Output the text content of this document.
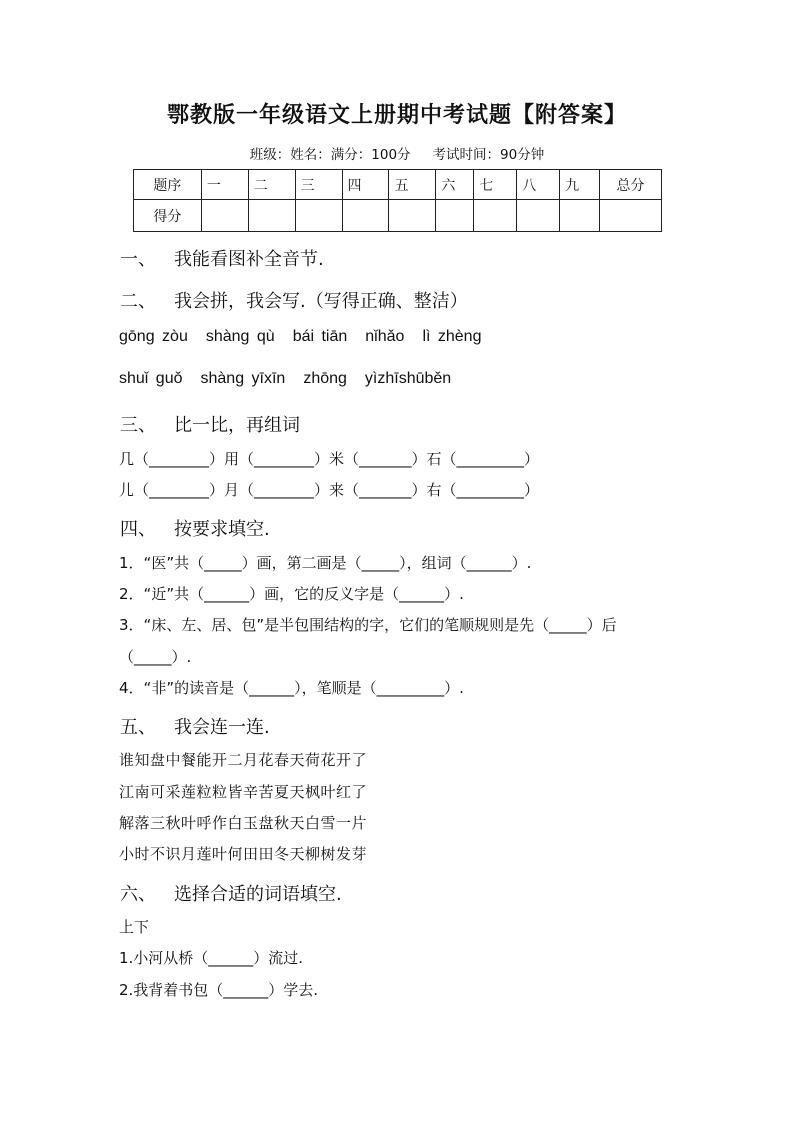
鄂教版一年级语文上册期中考试题【附答案】
班级：姓名：满分：100分 考试时间：90分钟
题序	一	二	三	四	五	六	七	八	九	总分
得分										
一、 我能看图补全音节.
二、 我会拼，我会写.（写得正确、整洁）
gōng zòu shàng qù bái tiān nǐhǎo lì zhèng
shuǐ guǒ shàng yīxīn zhōng yìzhīshūběn
三、 比一比，再组词
几（________）用（________）米（_______）石（_________）
儿（________）月（________）来（_______）右（_________）
四、 按要求填空.
1．“医”共（_____）画，第二画是（_____），组词（______）.
2．“近”共（______）画，它的反义字是（______）.
3．“床、左、居、包”是半包围结构的字，它们的笔顺规则是先（_____）后
（_____）.
4．“非”的读音是（______），笔顺是（_________）.
五、 我会连一连.
谁知盘中餐能开二月花春天荷花开了
江南可采莲粒粒皆辛苦夏天枫叶红了
解落三秋叶呼作白玉盘秋天白雪一片
小时不识月莲叶何田田冬天柳树发芽
六、 选择合适的词语填空.
上下
1.小河从桥（______）流过.
2.我背着书包（______）学去.
